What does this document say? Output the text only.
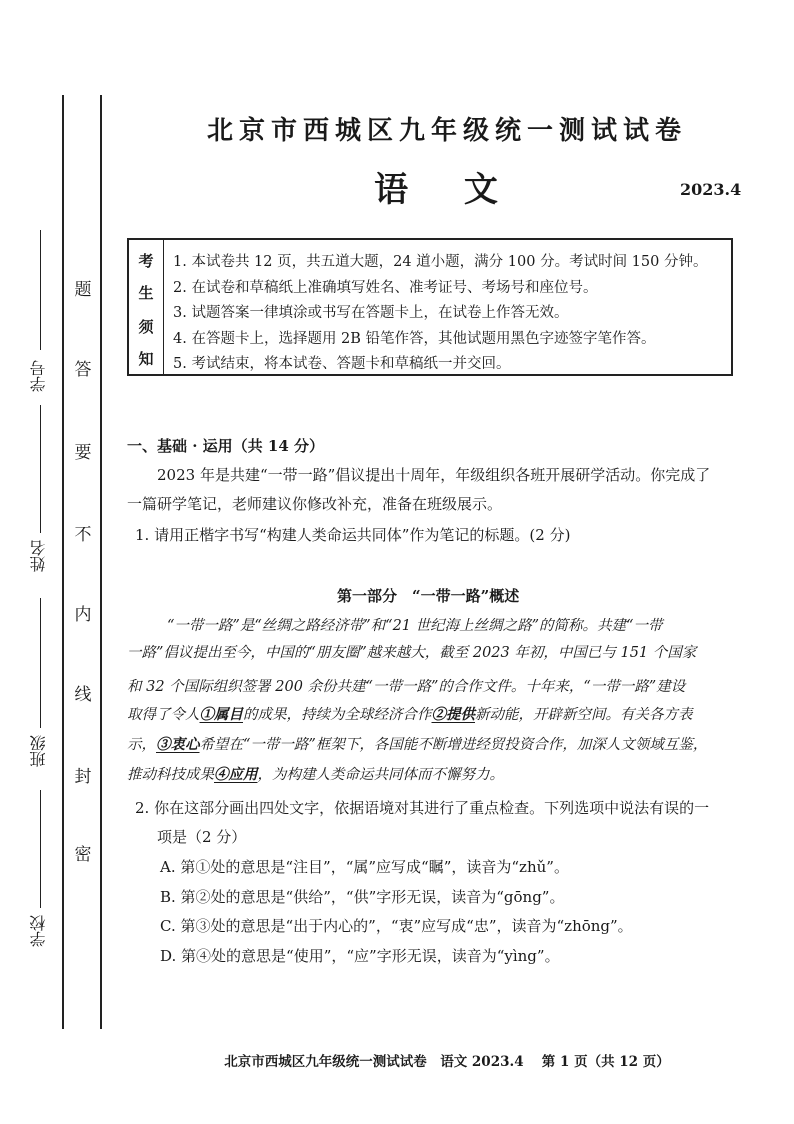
题
答
要
不
内
线
封
密
学号
姓名
班级
学校
北京市西城区九年级统一测试试卷
语 文	2023.4
考
生
须
知
1. 本试卷共 12 页，共五道大题，24 道小题，满分 100 分。考试时间 150 分钟。
2. 在试卷和草稿纸上准确填写姓名、准考证号、考场号和座位号。
3. 试题答案一律填涂或书写在答题卡上，在试卷上作答无效。
4. 在答题卡上，选择题用 2B 铅笔作答，其他试题用黑色字迹签字笔作答。
5. 考试结束，将本试卷、答题卡和草稿纸一并交回。
一、基础 · 运用（共 14 分）
2023 年是共建“一带一路”倡议提出十周年，年级组织各班开展研学活动。你完成了
一篇研学笔记，老师建议你修改补充，准备在班级展示。
1. 请用正楷字书写“构建人类命运共同体”作为笔记的标题。(2 分)
第一部分　“一带一路”概述
“一带一路”是“丝绸之路经济带”和“21 世纪海上丝绸之路”的简称。共建“一带
一路”倡议提出至今，中国的“朋友圈”越来越大，截至 2023 年初，中国已与 151 个国家
和 32 个国际组织签署 200 余份共建“一带一路”的合作文件。十年来，“一带一路”建设
取得了令人①属目的成果，持续为全球经济合作②提供新动能，开辟新空间。有关各方表
示，③衷心希望在“一带一路”框架下，各国能不断增进经贸投资合作，加深人文领域互鉴，
推动科技成果④应用，为构建人类命运共同体而不懈努力。
2. 你在这部分画出四处文字，依据语境对其进行了重点检查。下列选项中说法有误的一
项是（2 分）
A. 第①处的意思是“注目”，“属”应写成“瞩”，读音为“zhǔ”。
B. 第②处的意思是“供给”，“供”字形无误，读音为“gōng”。
C. 第③处的意思是“出于内心的”，“衷”应写成“忠”，读音为“zhōng”。
D. 第④处的意思是“使用”，“应”字形无误，读音为“yìng”。
北京市西城区九年级统一测试试卷　语文 2023.4　 第 1 页（共 12 页）
